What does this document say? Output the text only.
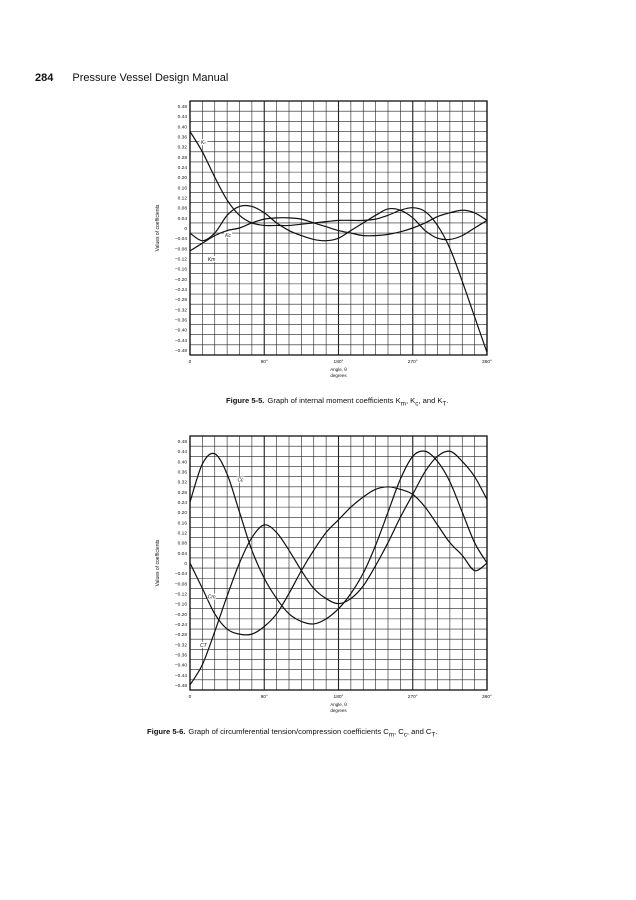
284 Pressure Vessel Design Manual
0.48
0.44
0.40
0.36
0.32
0.28
0.24
0.20
0.16
0.12
0.08
0.04
0
−0.04
−0.08
−0.12
−0.16
−0.20
−0.24
−0.28
−0.32
−0.36
−0.40
−0.44
−0.48
0	90°	180°	270°	360°
Values of coefficients
Angle, θ
degrees
Kₜ
Kc
Km
Figure 5-5. Graph of internal moment coefficients $K_m$, $K_c$, and $K_T$.
0.48
0.44
0.40
0.36
0.32
0.28
0.24
0.20
0.16
0.12
0.08
0.04
0
−0.04
−0.08
−0.12
−0.16
−0.20
−0.24
−0.28
−0.32
−0.36
−0.40
−0.44
−0.48
0	90°	180°	270°	360°
Values of coefficients
Angle, θ
degrees
Cc
Cm
CT
Figure 5-6. Graph of circumferential tension/compression coefficients $C_m$, $C_c$, and $C_T$.
